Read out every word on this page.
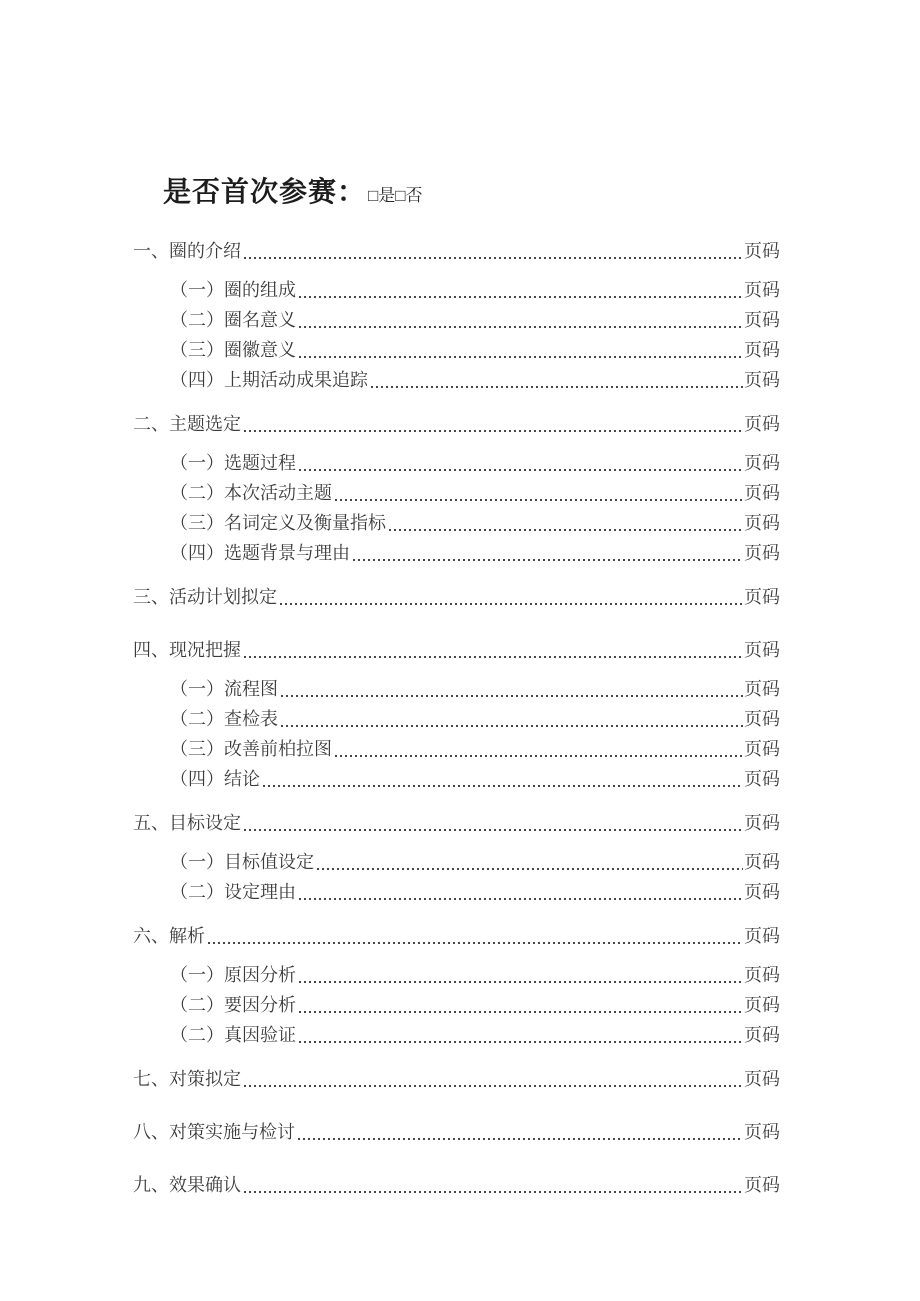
是否首次参赛： □是□否
一、圈的介绍	页码
（一）圈的组成	页码
（二）圈名意义	页码
（三）圈徽意义	页码
（四）上期活动成果追踪	页码
二、主题选定	页码
（一）选题过程	页码
（二）本次活动主题	页码
（三）名词定义及衡量指标	页码
（四）选题背景与理由	页码
三、活动计划拟定	页码
四、现况把握	页码
（一）流程图	页码
（二）查检表	页码
（三）改善前柏拉图	页码
（四）结论	页码
五、目标设定	页码
（一）目标值设定	页码
（二）设定理由	页码
六、解析	页码
（一）原因分析	页码
（二）要因分析	页码
（二）真因验证	页码
七、对策拟定	页码
八、对策实施与检讨	页码
九、效果确认	页码
